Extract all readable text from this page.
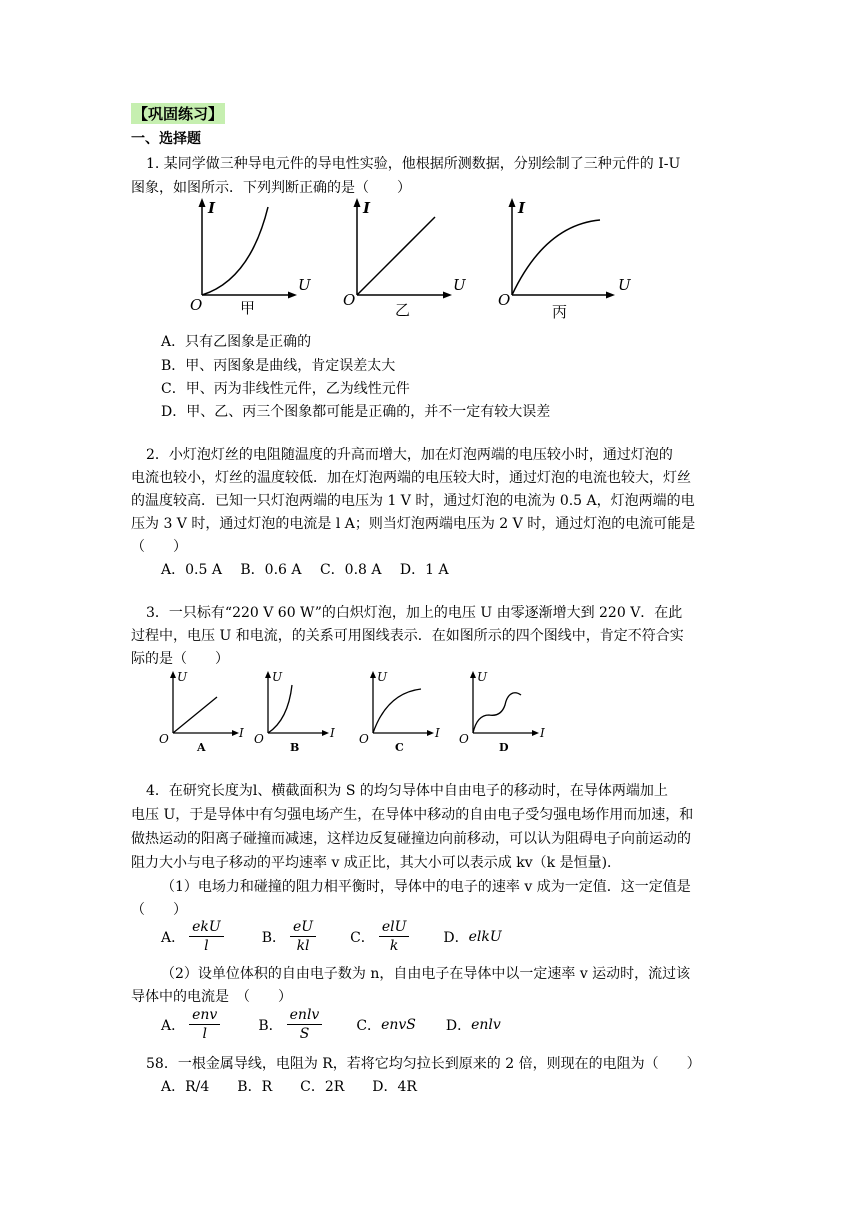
【巩固练习】
一、选择题
1. 某同学做三种导电元件的导电性实验，他根据所测数据，分别绘制了三种元件的 I-U
图象，如图所示．下列判断正确的是（　　）
I
U
O	甲
I
U
O
乙
I
U
O
丙
A．只有乙图象是正确的
B．甲、丙图象是曲线，肯定误差太大
C．甲、丙为非线性元件，乙为线性元件
D．甲、乙、丙三个图象都可能是正确的，并不一定有较大误差
2．小灯泡灯丝的电阻随温度的升高而增大，加在灯泡两端的电压较小时，通过灯泡的
电流也较小，灯丝的温度较低．加在灯泡两端的电压较大时，通过灯泡的电流也较大，灯丝
的温度较高．已知一只灯泡两端的电压为 1 V 时，通过灯泡的电流为 0.5 A，灯泡两端的电
压为 3 V 时，通过灯泡的电流是 l A；则当灯泡两端电压为 2 V 时，通过灯泡的电流可能是
（　　）
A．0.5 A　 B．0.6 A　 C．0.8 A　 D．1 A
3．一只标有“220 V 60 W”的白炽灯泡，加上的电压 U 由零逐渐增大到 220 V．在此
过程中，电压 U 和电流，的关系可用图线表示．在如图所示的四个图线中，肯定不符合实
际的是（　　）
U
I
O
A
U
I
O
B
U
I
O
C
U
I
O
D
4．在研究长度为l、横截面积为 S 的均匀导体中自由电子的移动时，在导体两端加上
电压 U，于是导体中有匀强电场产生，在导体中移动的自由电子受匀强电场作用而加速，和
做热运动的阳离子碰撞而减速，这样边反复碰撞边向前移动，可以认为阻碍电子向前运动的
阻力大小与电子移动的平均速率 v 成正比，其大小可以表示成 kv（k 是恒量)．
（1）电场力和碰撞的阻力相平衡时，导体中的电子的速率 v 成为一定值．这一定值是
（　　）
A． $\frac{\text{ekU}}{l}$	B． $\frac{eU}{kl}$ C． $\frac{\text{elU}}{k}$ D． elkU
（2）设单位体积的自由电子数为 n，自由电子在导体中以一定速率 v 运动时，流过该
导体中的电流是　（　　）
A． $\frac{\text{env}}{l}$	B． $\frac{\text{enlv}}{S}$ C． envS D． enlv
58．一根金属导线，电阻为 R，若将它均匀拉长到原来的 2 倍，则现在的电阻为（　　）
A．R/4　　B．R　　C．2R　　D．4R
